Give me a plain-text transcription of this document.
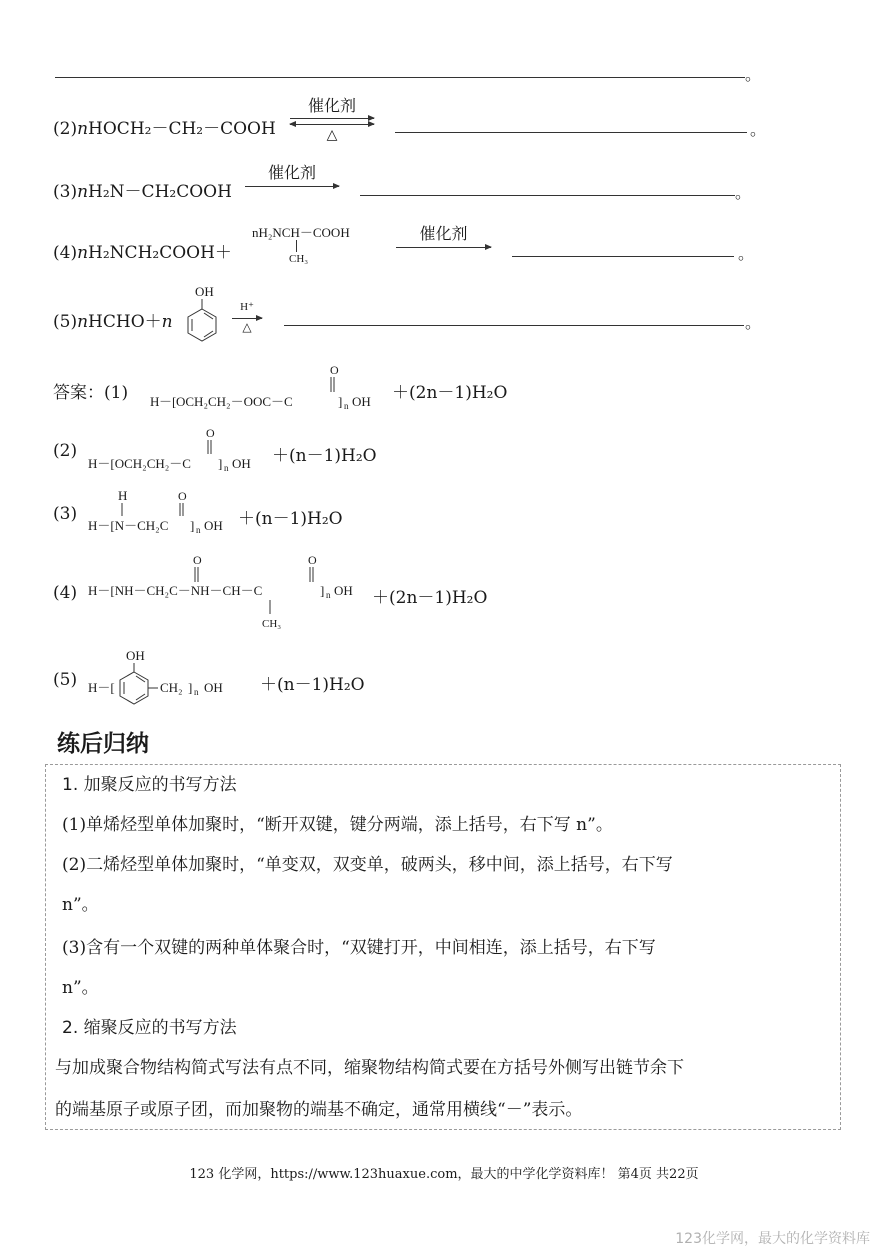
。
(2)nHOCH₂－CH₂－COOH
催化剂
△	。
(3)nH₂N－CH₂COOH
催化剂
。
(4)nH₂NCH₂COOH＋
nH₂NCH－COOH
CH₃
催化剂
。
(5)nHCHO＋n
OH
H⁺
△	。
答案：(1)
O
H －[ OCH₂CH₂－OOC－C	] n OH ＋(2n－1)H₂O
(2)
O
H－[OCH₂CH₂－C ] n OH ＋(n－1)H₂O
(3)
H	O
H－[N－CH₂C ] n OH ＋(n－1)H₂O
(4)
O	O
H－[NH－CH₂C－NH－CH－C	] n OH
CH₃
＋(2n－1)H₂O
(5)
OH
H－[	CH₂ ] n OH ＋(n－1)H₂O
练后归纳
1. 加聚反应的书写方法
(1)单烯烃型单体加聚时，“断开双键，键分两端，添上括号，右下写 n”。
(2)二烯烃型单体加聚时，“单变双，双变单，破两头，移中间，添上括号，右下写
n”。
(3)含有一个双键的两种单体聚合时，“双键打开，中间相连，添上括号，右下写
n”。
2. 缩聚反应的书写方法
与加成聚合物结构简式写法有点不同，缩聚物结构简式要在方括号外侧写出链节余下
的端基原子或原子团，而加聚物的端基不确定，通常用横线“－”表示。
123 化学网，https://www.123huaxue.com，最大的中学化学资料库！ 第4页 共22页
123化学网，最大的化学资料库
